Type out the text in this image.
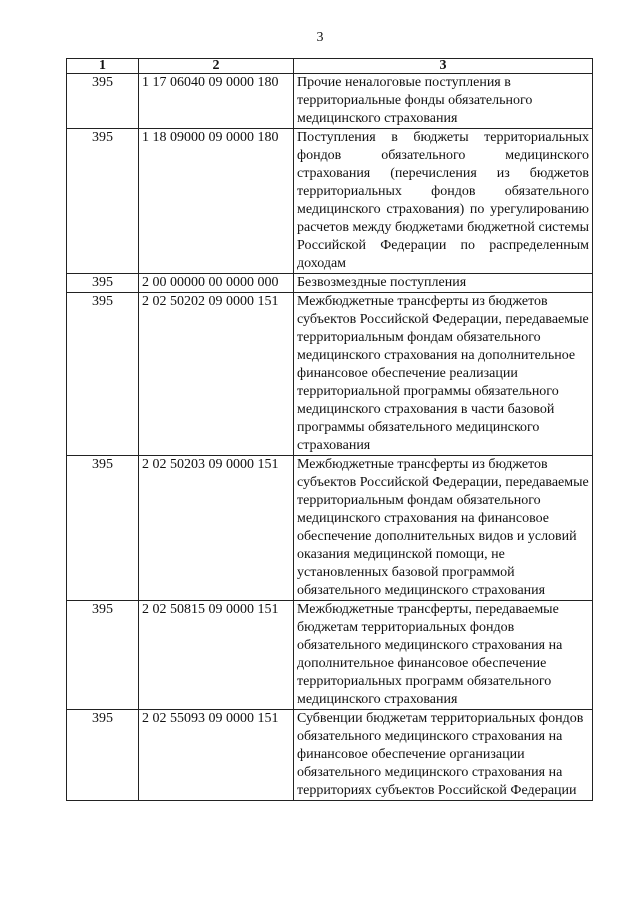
3
1	2	3
395	1 17 06040 09 0000 180	Прочие неналоговые поступления в территориальные фонды обязательного медицинского страхования
395	1 18 09000 09 0000 180	Поступления в бюджеты территориальных фондов обязательного медицинского страхования (перечисления из бюджетов территориальных фондов обязательного медицинского страхования) по урегулированию расчетов между бюджетами бюджетной системы Российской Федерации по распределенным доходам
395	2 00 00000 00 0000 000	Безвозмездные поступления
395	2 02 50202 09 0000 151	Межбюджетные трансферты из бюджетов субъектов Российской Федерации, передаваемые территориальным фондам обязательного медицинского страхования на дополнительное финансовое обеспечение реализации территориальной программы обязательного медицинского страхования в части базовой программы обязательного медицинского страхования
395	2 02 50203 09 0000 151	Межбюджетные трансферты из бюджетов субъектов Российской Федерации, передаваемые территориальным фондам обязательного медицинского страхования на финансовое обеспечение дополнительных видов и условий оказания медицинской помощи, не установленных базовой программой обязательного медицинского страхования
395	2 02 50815 09 0000 151	Межбюджетные трансферты, передаваемые бюджетам территориальных фондов обязательного медицинского страхования на дополнительное финансовое обеспечение территориальных программ обязательного медицинского страхования
395	2 02 55093 09 0000 151	Субвенции бюджетам территориальных фондов обязательного медицинского страхования на финансовое обеспечение организации обязательного медицинского страхования на территориях субъектов Российской Федерации
